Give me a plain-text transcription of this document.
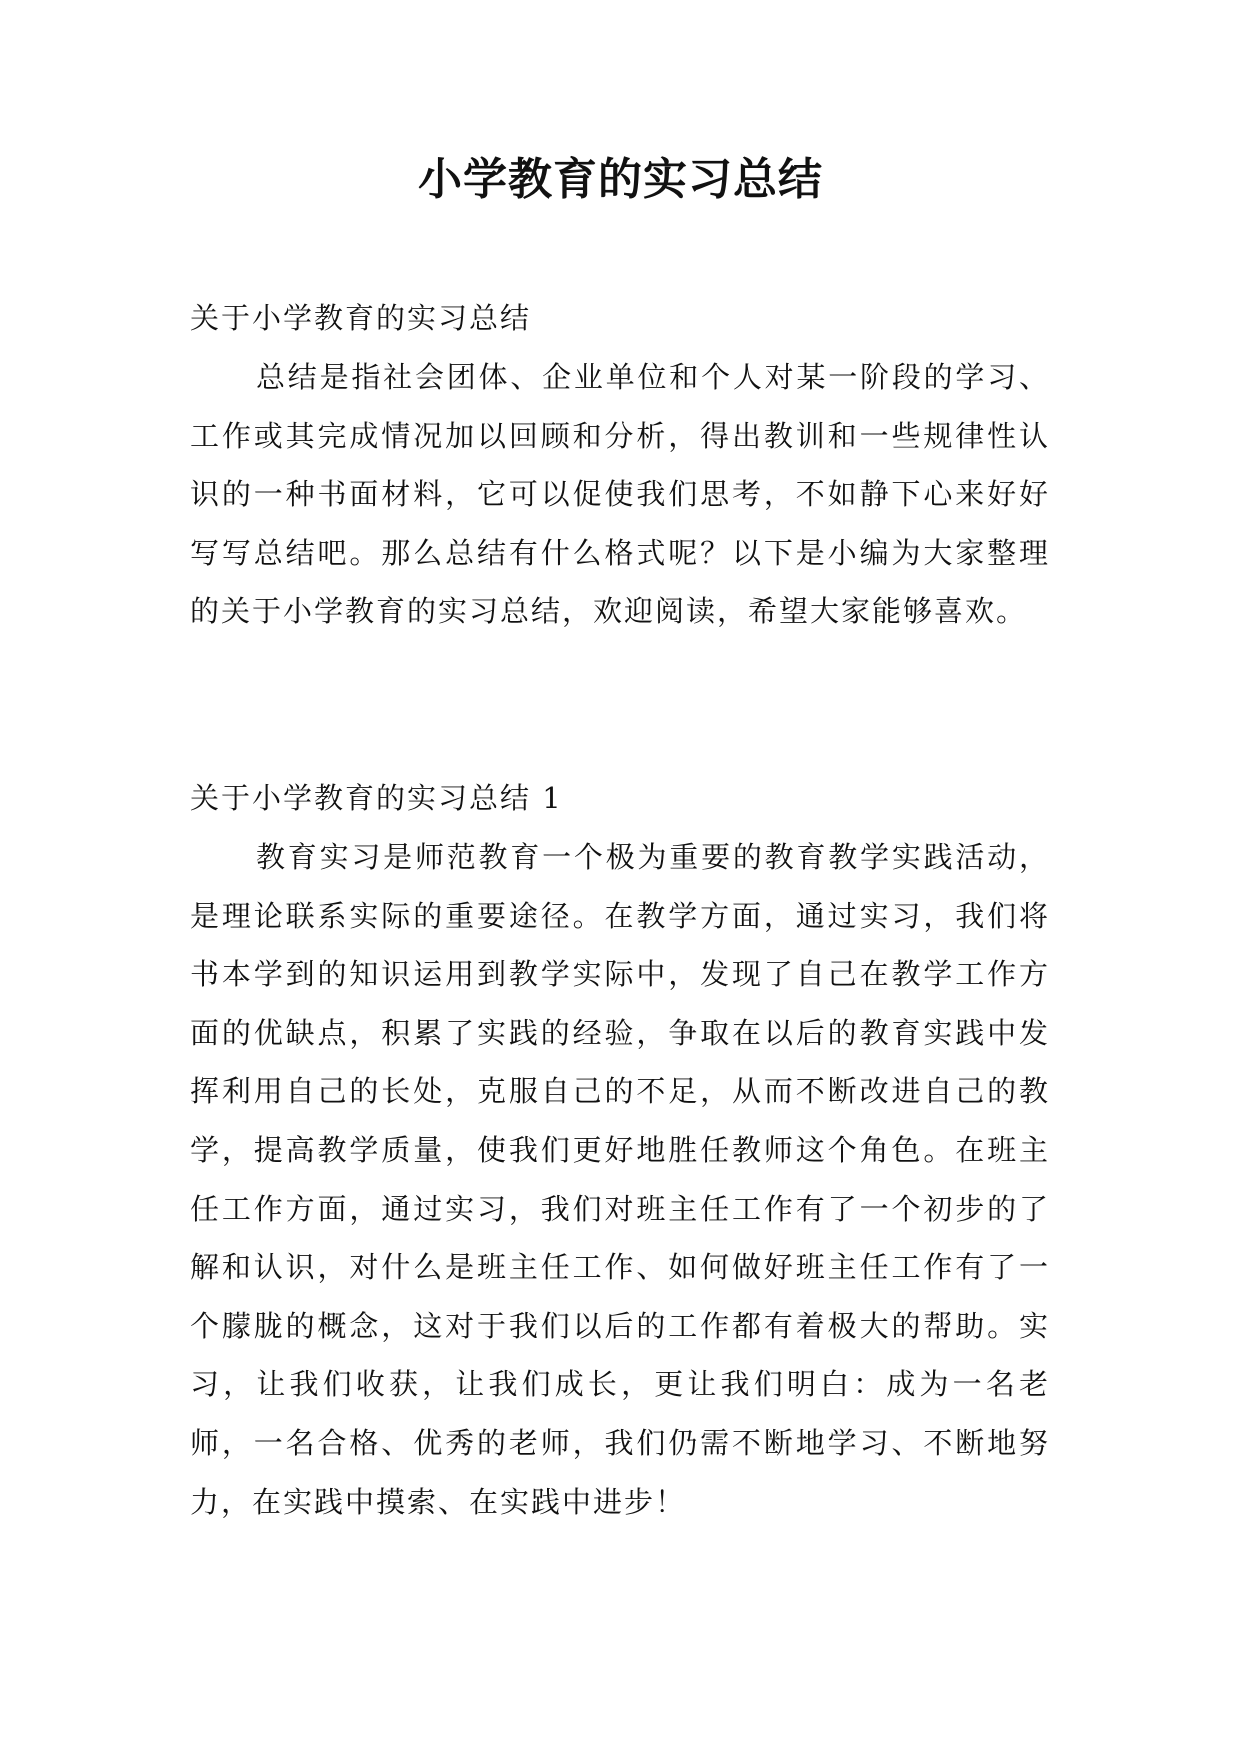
小学教育的实习总结
关于小学教育的实习总结

总结是指社会团体、企业单位和个人对某一阶段的学习、工作或其完成情况加以回顾和分析，得出教训和一些规律性认识的一种书面材料，它可以促使我们思考，不如静下心来好好写写总结吧。那么总结有什么格式呢？以下是小编为大家整理的关于小学教育的实习总结，欢迎阅读，希望大家能够喜欢。

关于小学教育的实习总结 1

教育实习是师范教育一个极为重要的教育教学实践活动，是理论联系实际的重要途径。在教学方面，通过实习，我们将书本学到的知识运用到教学实际中，发现了自己在教学工作方面的优缺点，积累了实践的经验，争取在以后的教育实践中发挥利用自己的长处，克服自己的不足，从而不断改进自己的教学，提高教学质量，使我们更好地胜任教师这个角色。在班主任工作方面，通过实习，我们对班主任工作有了一个初步的了解和认识，对什么是班主任工作、如何做好班主任工作有了一个朦胧的概念，这对于我们以后的工作都有着极大的帮助。实习，让我们收获，让我们成长，更让我们明白：成为一名老师，一名合格、优秀的老师，我们仍需不断地学习、不断地努力，在实践中摸索、在实践中进步！
